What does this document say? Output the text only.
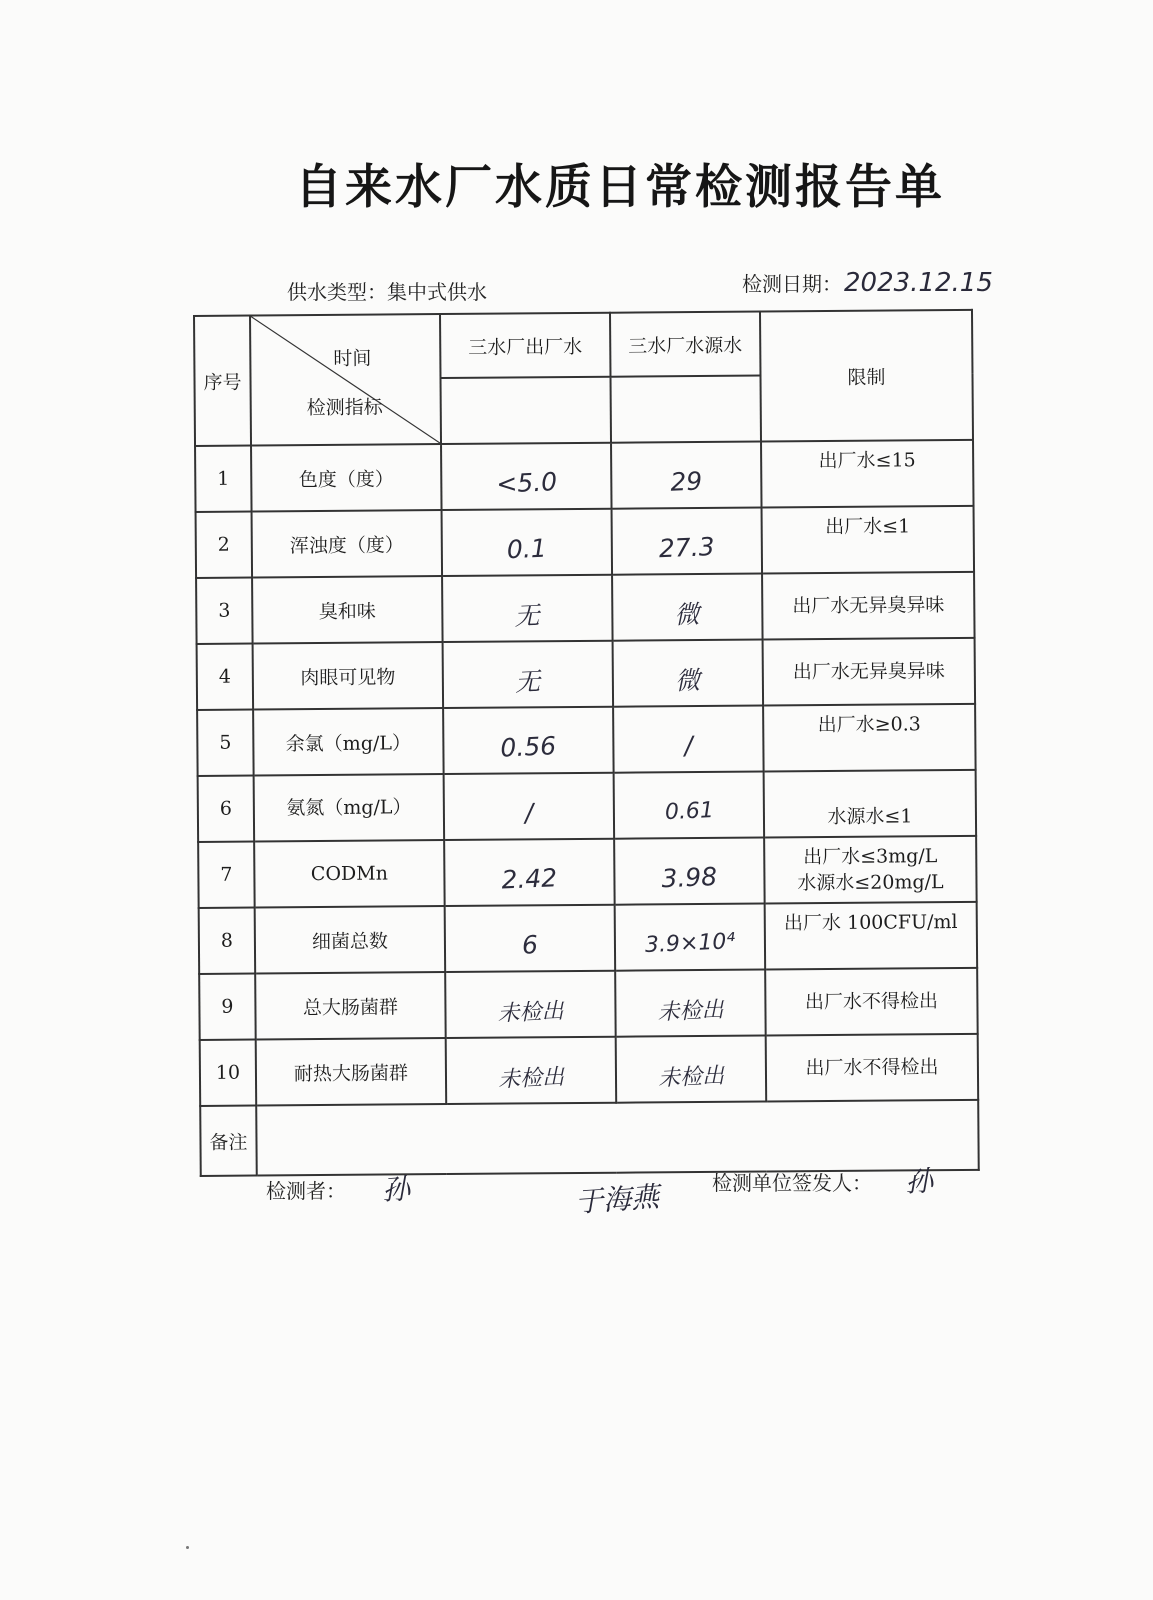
自来水厂水质日常检测报告单
供水类型：集中式供水	检测日期：2023.12.15
序号	时间
检测指标	三水厂出厂水	三水厂水源水	限制

1	色度（度）	<5.0	29	出厂水≤15
2	浑浊度（度）	0.1	27.3	出厂水≤1
3	臭和味	无	微	出厂水无异臭异味
4	肉眼可见物	无	微	出厂水无异臭异味
5	余氯（mg/L）	0.56	/	出厂水≥0.3
6	氨氮（mg/L）	/	0.61	水源水≤1
7	CODMn	2.42	3.98	出厂水≤3mg/L
水源水≤20mg/L

8	细菌总数	6	3.9×10⁴	出厂水 100CFU/ml
9	总大肠菌群	未检出	未检出	出厂水不得检出
10	耐热大肠菌群	未检出	未检出	出厂水不得检出
备注				
检测者： 孙	于海燕	检测单位签发人： 孙
